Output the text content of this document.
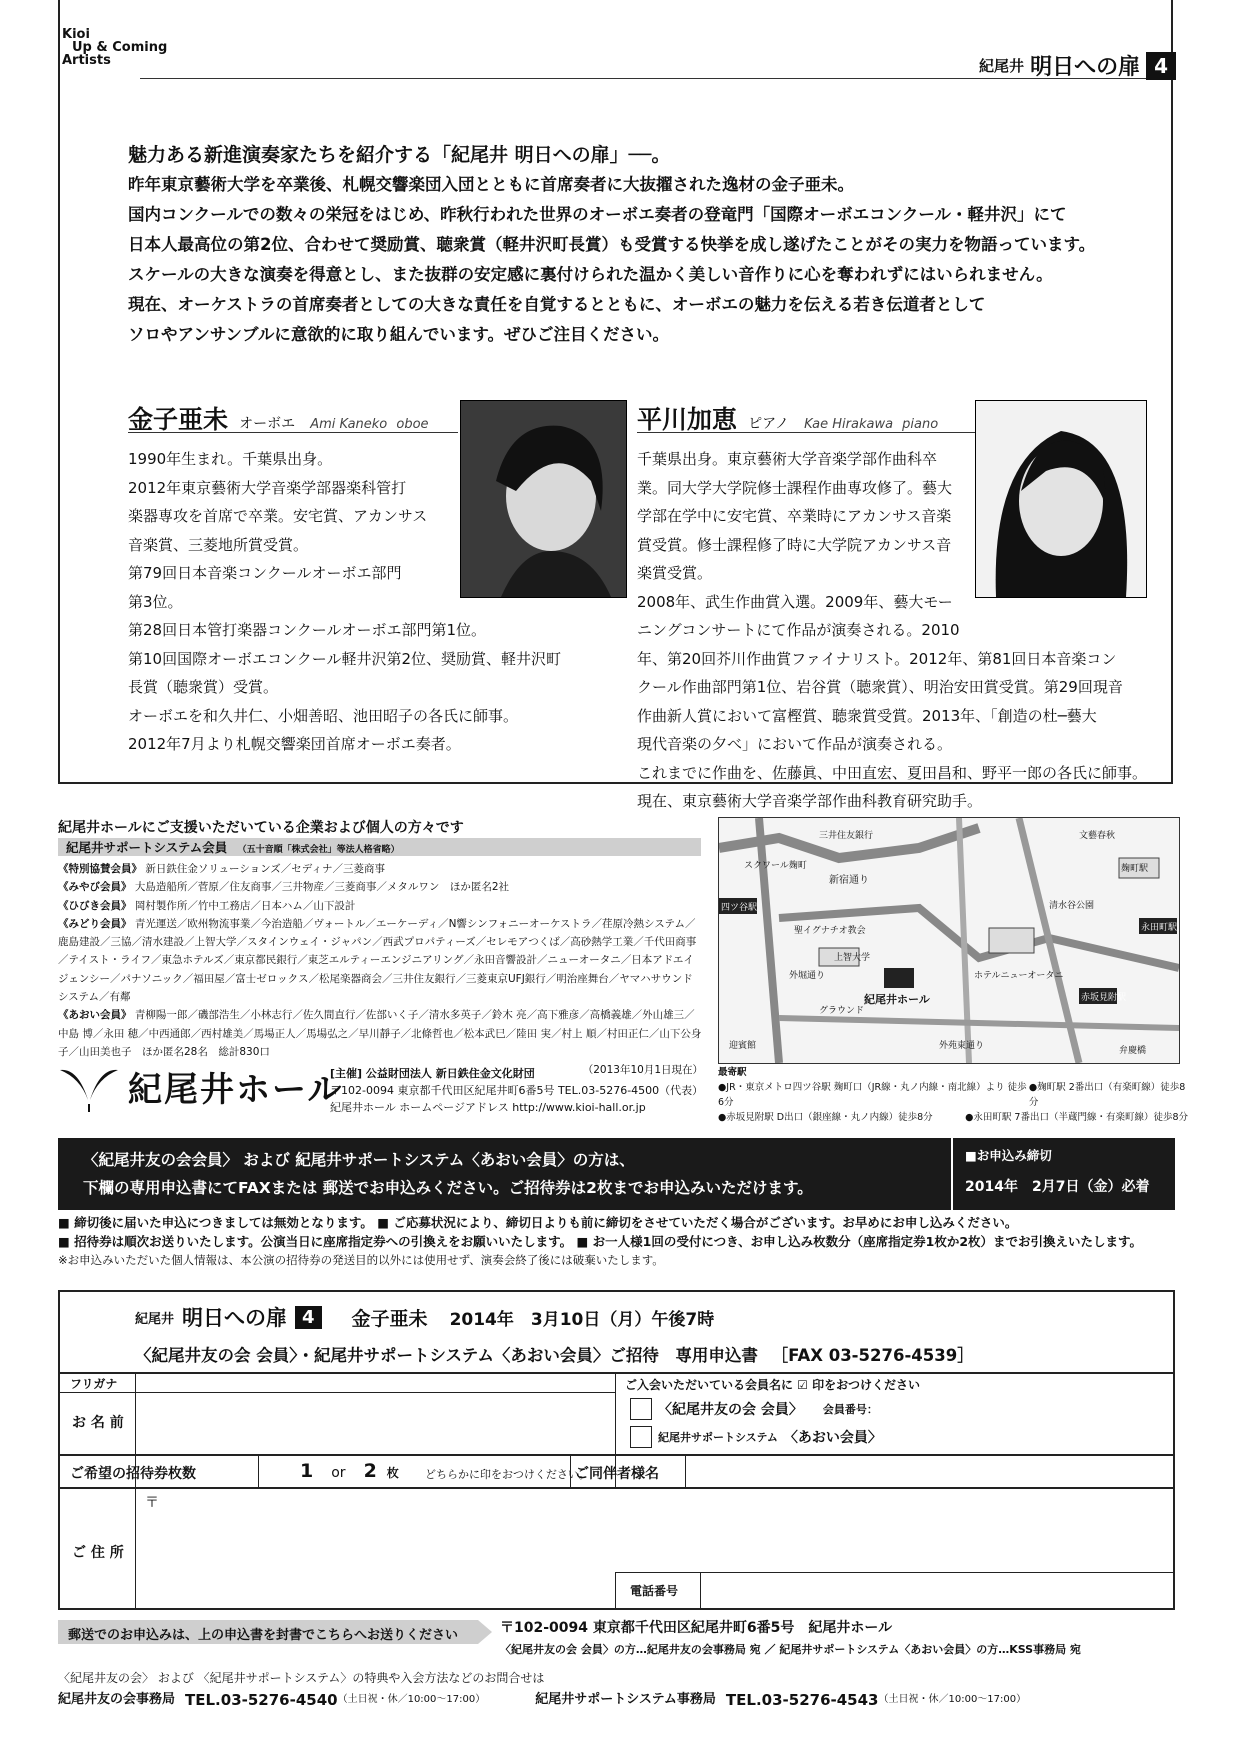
Kioi
Up & Coming
Artists	紀尾井 明日への扉 4
魅力ある新進演奏家たちを紹介する「紀尾井 明日への扉」──。
昨年東京藝術大学を卒業後、札幌交響楽団入団とともに首席奏者に大抜擢された逸材の金子亜未。
国内コンクールでの数々の栄冠をはじめ、昨秋行われた世界のオーボエ奏者の登竜門「国際オーボエコンクール・軽井沢」にて
日本人最高位の第2位、合わせて奨励賞、聴衆賞（軽井沢町長賞）も受賞する快挙を成し遂げたことがその実力を物語っています。
スケールの大きな演奏を得意とし、また抜群の安定感に裏付けられた温かく美しい音作りに心を奪われずにはいられません。
現在、オーケストラの首席奏者としての大きな責任を自覚するとともに、オーボエの魅力を伝える若き伝道者として
ソロやアンサンブルに意欲的に取り組んでいます。ぜひご注目ください。
金子亜未 オーボエ Ami Kaneko oboe
1990年生まれ。千葉県出身。
2012年東京藝術大学音楽学部器楽科管打
楽器専攻を首席で卒業。安宅賞、アカンサス
音楽賞、三菱地所賞受賞。
第79回日本音楽コンクールオーボエ部門
第3位。
第28回日本管打楽器コンクールオーボエ部門第1位。
第10回国際オーボエコンクール軽井沢第2位、奨励賞、軽井沢町
長賞（聴衆賞）受賞。
オーボエを和久井仁、小畑善昭、池田昭子の各氏に師事。
2012年7月より札幌交響楽団首席オーボエ奏者。
平川加恵 ピアノ Kae Hirakawa piano
千葉県出身。東京藝術大学音楽学部作曲科卒
業。同大学大学院修士課程作曲専攻修了。藝大
学部在学中に安宅賞、卒業時にアカンサス音楽
賞受賞。修士課程修了時に大学院アカンサス音
楽賞受賞。
2008年、武生作曲賞入選。2009年、藝大モー
ニングコンサートにて作品が演奏される。2010
年、第20回芥川作曲賞ファイナリスト。2012年、第81回日本音楽コン
クール作曲部門第1位、岩谷賞（聴衆賞）、明治安田賞受賞。第29回現音
作曲新人賞において富樫賞、聴衆賞受賞。2013年、「創造の杜─藝大
現代音楽の夕べ」において作品が演奏される。
これまでに作曲を、佐藤眞、中田直宏、夏田昌和、野平一郎の各氏に師事。
現在、東京藝術大学音楽学部作曲科教育研究助手。
紀尾井ホールにご支援いただいている企業および個人の方々です
紀尾井サポートシステム会員 （五十音順「株式会社」等法人格省略）
《特別協賛会員》 新日鉄住金ソリューションズ／セディナ／三菱商事
《みやび会員》 大島造船所／菅原／住友商事／三井物産／三菱商事／メタルワン　ほか匿名2社
《ひびき会員》 岡村製作所／竹中工務店／日本ハム／山下設計
《みどり会員》 青光運送／欧州物流事業／今治造船／ヴォートル／エーケーディ／N響シンフォニーオーケストラ／荏原冷熱システム／鹿島建設／三協／清水建設／上智大学／スタインウェイ・ジャパン／西武プロパティーズ／セレモアつくば／高砂熱学工業／千代田商事／テイスト・ライフ／東急ホテルズ／東京都民銀行／東芝エルティーエンジニアリング／永田音響設計／ニューオータニ／日本アドエイジェンシー／パナソニック／福田屋／富士ゼロックス／松尾楽器商会／三井住友銀行／三菱東京UFJ銀行／明治座舞台／ヤマハサウンドシステム／有鄰
《あおい会員》 青柳陽一郎／磯部浩生／小林志行／佐久間直行／佐部いく子／清水多英子／鈴木 亮／高下雅彦／高橋義雄／外山雄三／中島 博／永田 穂／中西通郎／西村雄美／馬場正人／馬場弘之／早川靜子／北條哲也／松本武巳／陸田 実／村上 順／村田正仁／山下公身子／山田美也子　ほか匿名28名　総計830口
（2013年10月1日現在）
四ツ谷駅
新宿通り
三井住友銀行
スクワール麹町
上智大学
聖イグナチオ教会
迎賓館
外堀通り
紀尾井ホール
ホテルニューオータニ
清水谷公園
永田町駅
赤坂見附駅
麹町駅
グラウンド
外苑東通り
文藝春秋
弁慶橋
最寄駅
●JR・東京メトロ四ツ谷駅 麹町口（JR線・丸ノ内線・南北線）より 徒歩6分
●麹町駅 2番出口（有楽町線）徒歩8分
●赤坂見附駅 D出口（銀座線・丸ノ内線）徒歩8分	●永田町駅 7番出口（半蔵門線・有楽町線）徒歩8分
紀尾井ホール
[主催] 公益財団法人 新日鉄住金文化財団
〒102-0094 東京都千代田区紀尾井町6番5号 TEL.03-5276-4500（代表）
紀尾井ホール ホームページアドレス http://www.kioi-hall.or.jp
〈紀尾井友の会会員〉 および 紀尾井サポートシステム〈あおい会員〉の方は、
下欄の専用申込書にてFAXまたは 郵送でお申込みください。ご招待券は2枚までお申込みいただけます。
■お申込み締切
2014年　2月7日（金）必着
■ 締切後に届いた申込につきましては無効となります。 ■ ご応募状況により、締切日よりも前に締切をさせていただく場合がございます。お早めにお申し込みください。
■ 招待券は順次お送りいたします。公演当日に座席指定券への引換えをお願いいたします。 ■ お一人様1回の受付につき、お申し込み枚数分（座席指定券1枚か2枚）までお引換えいたします。
※お申込みいただいた個人情報は、本公演の招待券の発送目的以外には使用せず、演奏会終了後には破棄いたします。
紀尾井 明日への扉 4	金子亜未 2014年　3月10日（月）午後7時
〈紀尾井友の会 会員〉・紀尾井サポートシステム〈あおい会員〉ご招待　専用申込書 ［FAX 03-5276-4539］
フリガナ
お 名 前
ご入会いただいている会員名に ☑ 印をおつけください
〈紀尾井友の会 会員〉 会員番号：
紀尾井サポートシステム 〈あおい会員〉
ご希望の招待券枚数	1 or 2 枚 どちらかに印をおつけください。
ご同伴者様名
〒
ご 住 所
電話番号
郵送でのお申込みは、上の申込書を封書でこちらへお送りください	〒102-0094 東京都千代田区紀尾井町6番5号　紀尾井ホール
〈紀尾井友の会 会員〉の方…紀尾井友の会事務局 宛 ／ 紀尾井サポートシステム〈あおい会員〉の方…KSS事務局 宛
〈紀尾井友の会〉 および 〈紀尾井サポートシステム〉の特典や入会方法などのお問合せは
紀尾井友の会事務局 TEL.03-5276-4540 （土日祝・休／10:00〜17:00）	紀尾井サポートシステム事務局 TEL.03-5276-4543 （土日祝・休／10:00〜17:00）
